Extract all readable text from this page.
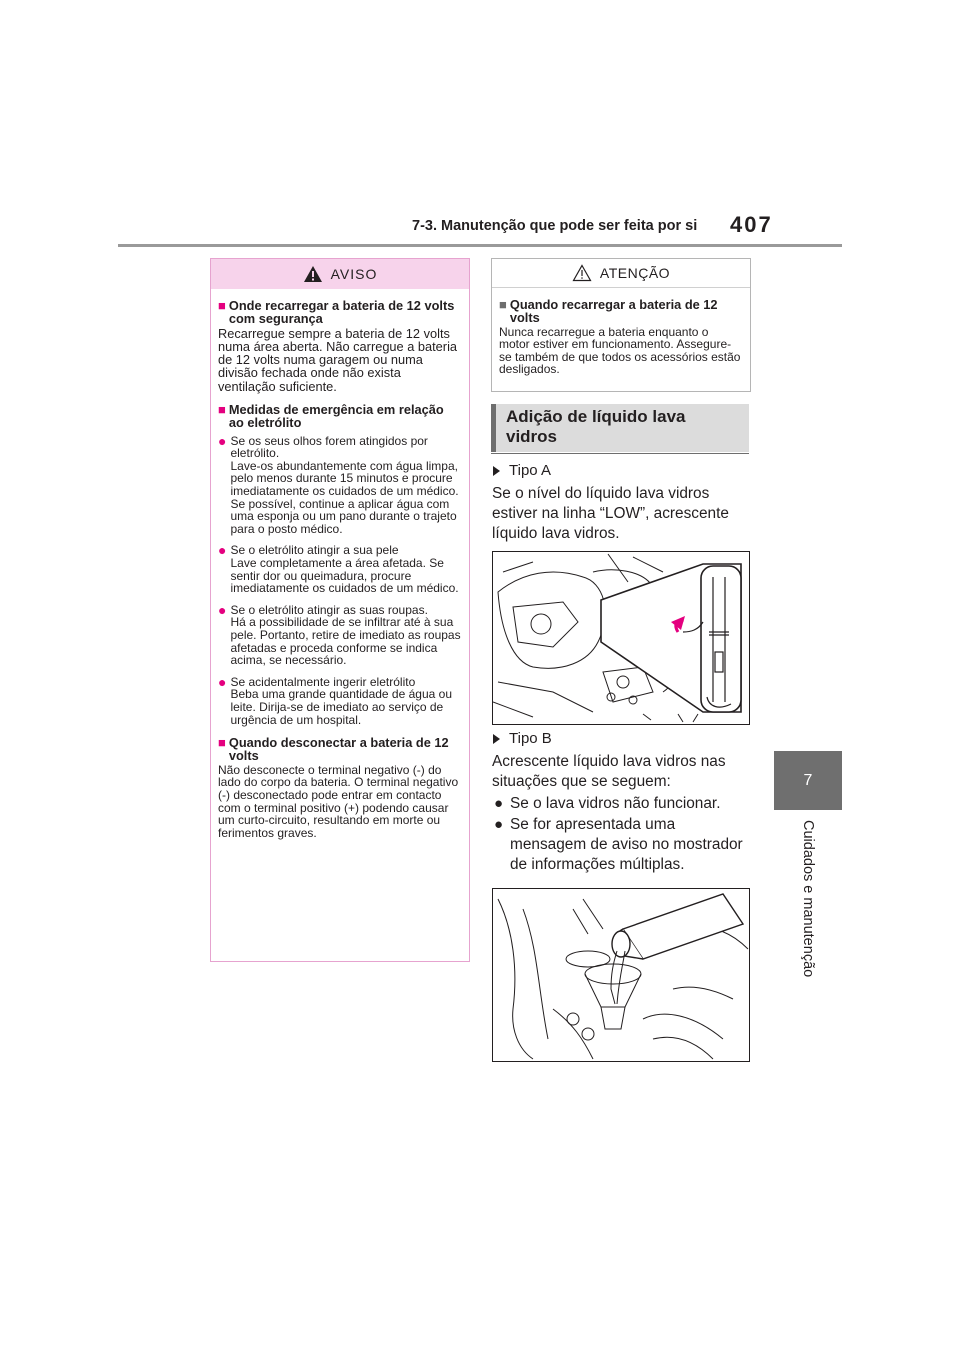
7-3. Manutenção que pode ser feita por si 407
7
Cuidados e manutenção
AVISO
■ Onde recarregar a bateria de 12 volts com segurança
Recarregue sempre a bateria de 12 volts numa área aberta. Não carregue a bateria de 12 volts numa garagem ou numa divisão fechada onde não exista ventilação suficiente.
■ Medidas de emergência em relação ao eletrólito
● Se os seus olhos forem atingidos por eletrólito.
Lave-os abundantemente com água limpa, pelo menos durante 15 minutos e procure imediatamente os cuidados de um médico. Se possível, continue a aplicar água com uma esponja ou um pano durante o trajeto para o posto médico.
● Se o eletrólito atingir a sua pele
Lave completamente a área afetada. Se sentir dor ou queimadura, procure imediatamente os cuidados de um médico.
● Se o eletrólito atingir as suas roupas.
Há a possibilidade de se infiltrar até à sua pele. Portanto, retire de imediato as roupas afetadas e proceda conforme se indica acima, se necessário.
● Se acidentalmente ingerir eletrólito
Beba uma grande quantidade de água ou leite. Dirija-se de imediato ao serviço de urgência de um hospital.
■ Quando desconectar a bateria de 12 volts
Não desconecte o terminal negativo (-) do lado do corpo da bateria. O terminal negativo (-) desconectado pode entrar em contacto com o terminal positivo (+) podendo causar um curto-circuito, resultando em morte ou ferimentos graves.
ATENÇÃO
■ Quando recarregar a bateria de 12 volts
Nunca recarregue a bateria enquanto o motor estiver em funcionamento. Assegure-se também de que todos os acessórios estão desligados.
Adição de líquido lava vidros
Tipo A
Se o nível do líquido lava vidros estiver na linha “LOW”, acrescente líquido lava vidros.
Tipo B
Acrescente líquido lava vidros nas situações que se seguem:
● Se o lava vidros não funcionar.
● Se for apresentada uma mensagem de aviso no mostrador de informações múltiplas.
